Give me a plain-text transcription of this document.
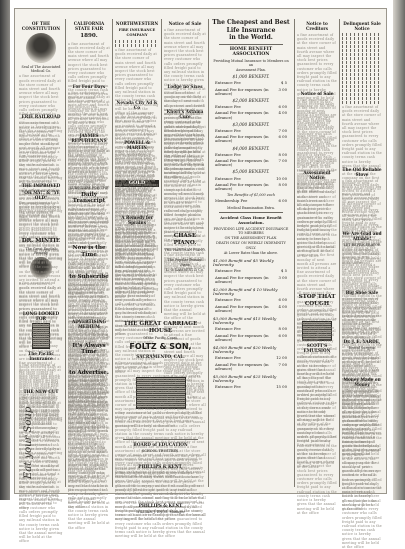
OF THE CONSTITUTION
Seal of The Associated Medical Co.
a fine assortment of goods received daily at the store corner of main street and fourth avenue where all may inspect the stock best prices guaranteed to every customer who calls orders promptly filled freight paid to any railroad station in the county terms cash notice is hereby given that the annual meeting will be held at the office of the company on the first monday of next month all persons are invited to attend a fine assortment of goods received daily at the store corner of main street and fourth avenue where all may inspect the stock best prices guaranteed to every customer who calls orders promptly filled freight paid to any railroad station in the county terms cash notice is hereby given that the annual meeting will be held at the office
ERIE RAILROAD
a fine assortment of goods received daily at the store corner of main street and fourth avenue where all may inspect the stock best prices guaranteed to every customer who calls orders promptly filled freight paid to any railroad station in the county terms cash notice is hereby given that the annual meeting will be held at the office of the company on the first monday of next month all persons are invited to attend a fine assortment of goods received daily at the store corner of main street and fourth avenue where all may inspect the stock best prices guaranteed to every customer who calls orders promptly filled freight paid to any railroad station in the county terms cash notice is hereby given that the annual meeting will be held at the office
THE IMPROVED
"OH MY!" & "YE OLD"
a fine assortment of goods received daily at the store corner of main street and fourth avenue where all may inspect the stock best prices guaranteed to every customer who calls orders promptly filled freight paid to any railroad station in the county terms cash notice is hereby given that the annual meeting will be held at the office of the company on the first monday of next month all persons are invited to attend a fine assortment of goods received daily at the store corner of main street and fourth avenue where all may inspect the stock best prices guaranteed to every customer who calls orders promptly filled freight paid to any railroad station in the county terms cash notice is hereby given that the annual meeting will be held at the office
DR. MINTIE
The Great English Remedy
a fine assortment of goods received daily at the store corner of main street and fourth avenue where all may inspect the stock best prices guaranteed to every customer who calls orders promptly filled freight paid to any railroad station in the county terms cash notice is hereby given that the annual meeting will be held at the office of the company on the first monday of next month all persons are invited to attend a fine assortment of goods received daily at the store corner of main street and fourth avenue where all may inspect the stock best prices guaranteed to every customer who calls orders promptly filled freight paid to any railroad station in the county terms cash notice is hereby given that the annual meeting will be held at the office
LONG LOOKED FOR
The Pacific Insurance
a fine assortment of goods received daily at the store corner of main street and fourth avenue where all may inspect the stock best prices guaranteed to every customer who calls orders promptly filled freight paid to any railroad station in the county terms cash notice is hereby given that the annual meeting will be held at the office of the company on the first monday of next month all persons are invited to attend a fine assortment of goods received daily at the store corner of main street and fourth avenue where all may inspect the stock best prices guaranteed to every customer who calls orders promptly filled freight paid to any railroad station in the county terms cash notice is hereby given that the annual meeting will be held at the office
THE NEW CUT
a fine assortment of goods received daily at the store corner of main street and fourth avenue where all may inspect the stock best prices guaranteed to every customer who calls orders promptly filled freight paid to any railroad station in the county terms cash notice is hereby given that the annual meeting will be held at the office of the company on the first monday of next month all persons are invited to attend a fine assortment of goods received daily at the store corner of main street and fourth avenue where all may inspect the stock best prices guaranteed to every customer who calls orders promptly filled freight paid to any railroad station in the county terms cash notice is hereby given that the annual meeting will be held at the office
CALIFORNIA STATE FAIR
1890.
a fine assortment of goods received daily at the store corner of main street and fourth avenue where all may inspect the stock best prices guaranteed to every customer who calls orders promptly filled freight paid to any railroad station in the county terms cash notice is hereby given that the annual meeting will be held at the office of the company on the first monday of next month all persons are invited to attend a fine assortment of goods received daily at the store corner of main street and fourth avenue where all may inspect the stock best prices guaranteed to every customer who calls orders promptly filled freight paid to any railroad station in the county terms cash notice is hereby given that the annual meeting will be held at the office
For Four Days
a fine assortment of goods received daily at the store corner of main street and fourth avenue where all may inspect the stock best prices guaranteed to every customer who calls orders promptly filled freight paid to any railroad station in the county terms cash notice is hereby given that the annual meeting will be held at the office of the company on the first monday of next month all persons are invited to attend a fine assortment of goods received daily at the store corner of main street and fourth avenue where all may inspect the stock best prices guaranteed to every customer who calls orders promptly filled freight paid to any railroad station in the county terms cash notice is hereby given that the annual meeting will be held at the office
JAYMES REPUBLICANS
a fine assortment of goods received daily at the store corner of main street and fourth avenue where all may inspect the stock best prices guaranteed to every customer who calls orders promptly filled freight paid to any railroad station in the county terms cash notice is hereby given that the annual meeting will be held at the office of the company on the first monday of next month all persons are invited to attend a fine assortment of goods received daily at the store corner of main street and fourth avenue where all may inspect the stock best prices guaranteed to every customer who calls orders promptly filled freight paid to any railroad station in the county terms cash notice is hereby given that the annual meeting will be held at the office
SUBSCRIBE FOR THE
Daily Transcript
a fine assortment of goods received daily at the store corner of main street and fourth avenue where all may inspect the stock best prices guaranteed to every customer who calls orders promptly filled freight paid to any railroad station in the county terms cash notice is hereby given that the annual meeting will be held at the office of the company on the first monday of next month all persons are invited to attend a fine assortment of goods received daily at the store corner of main street and fourth avenue where all may inspect the stock best prices guaranteed to every customer who calls orders promptly filled freight paid to any railroad station in the county terms cash notice is hereby given that the annual meeting will be held at the office
Now is the Time
a fine assortment of goods received daily at the store corner of main street and fourth avenue where all may inspect the stock best prices guaranteed to every customer who calls orders promptly filled freight paid to any railroad station in the county terms cash notice is hereby given that the annual meeting will be held at the office of the company on the first monday of next month all persons are invited to attend a fine assortment of goods received daily at the store corner of main street and fourth avenue where all may inspect the stock best prices guaranteed to every customer who calls orders promptly filled freight paid to any railroad station in the county terms cash notice is hereby given that the annual meeting will be held at the office
to Subscribe
a fine assortment of goods received daily at the store corner of main street and fourth avenue where all may inspect the stock best prices guaranteed to every customer who calls orders promptly filled freight paid to any railroad station in the county terms cash notice is hereby given that the annual meeting will be held at the office of the company on the first monday of next month all persons are invited to attend a fine assortment of goods received daily at the store corner of main street and fourth avenue where all may inspect the stock best prices guaranteed to every customer who calls orders promptly filled freight paid to any railroad station in the county terms cash notice is hereby given that the annual meeting will be held at the office
ADVERTISING MEDIUM
a fine assortment of goods received daily at the store corner of main street and fourth avenue where all may inspect the stock best prices guaranteed to every customer who calls orders promptly filled freight paid to any railroad station in the county terms cash notice is hereby given that the annual meeting will be held at the office of the company on the first monday of next month all persons are invited to attend a fine assortment of goods received daily at the store corner of main street and fourth avenue where all may inspect the stock best prices guaranteed to every customer who calls orders promptly filled freight paid to any railroad station in the county terms cash notice is hereby given that the annual meeting will be held at the office
It's Always Time
a fine assortment of goods received daily at the store corner of main street and fourth avenue where all may inspect the stock best prices guaranteed to every customer who calls orders promptly filled freight paid to any railroad station in the county terms cash notice is hereby given that the annual meeting will be held at the office of the company on the first monday of next month all persons are invited to attend a fine assortment of goods received daily at the store corner of main street and fourth avenue where all may inspect the stock best prices guaranteed to every customer who calls orders promptly filled freight paid to any railroad station in the county terms cash notice is hereby given that the annual meeting will be held at the office
to Advertise.
a fine assortment of goods received daily at the store corner of main street and fourth avenue where all may inspect the stock best prices guaranteed to every customer who calls orders promptly filled freight paid to any railroad station in the county terms cash notice is hereby given that the annual meeting will be held at the office of the company on the first monday of next month all persons are invited to attend a fine assortment of goods received daily at the store corner of main street and fourth avenue where all may inspect the stock best prices guaranteed to every customer who calls orders promptly filled freight paid to any railroad station in the county terms cash notice is hereby given that the annual meeting will be held at the office
NORTHWESTERN
FIRE INSURANCE COMPANY
a fine assortment of goods received daily at the store corner of main street and fourth avenue where all may inspect the stock best prices guaranteed to every customer who calls orders promptly filled freight paid to any railroad station in the county terms cash notice is hereby given that the annual meeting will be held at the office of the company on the first monday of next month all persons are invited to attend a fine assortment of goods received daily at the store corner of main street and fourth avenue where all may inspect the stock best prices guaranteed to every customer who calls orders promptly filled freight paid to any railroad station in the county terms cash notice is hereby given that the annual meeting will be held at the office
Nevada City Ad & Co
a fine assortment of goods received daily at the store corner of main street and fourth avenue where all may inspect the stock best prices guaranteed to every customer who calls orders promptly filled freight paid to any railroad station in the county terms cash notice is hereby given that the annual meeting will be held at the office of the company on the first monday of next month all persons are invited to attend a fine assortment of goods received daily at the store corner of main street and fourth avenue where all may inspect the stock best prices guaranteed to every customer who calls orders promptly filled freight paid to any railroad station in the county terms cash notice is hereby given that the annual meeting will be held at the office
POWELL & MARTIN
a fine assortment of goods received daily at the store corner of main street and fourth avenue where all may inspect the stock best prices guaranteed to every customer who calls orders promptly filled freight paid to any railroad station in the county terms cash notice is hereby given that the annual meeting will be held at the office of the company on the first monday of next month all persons are invited to attend a fine assortment of goods received daily at the store corner of main street and fourth avenue where all may inspect the stock best prices guaranteed to every customer who calls orders promptly filled freight paid to any railroad station in the county terms cash notice is hereby given that the annual meeting will be held at the office
GOLD
a fine assortment of goods received daily at the store corner of main street and fourth avenue where all may inspect the stock best prices guaranteed to every customer who calls orders promptly filled freight paid to any railroad station in the county terms cash notice is hereby given that the annual meeting will be held at the office of the company on the first monday of next month all persons are invited to attend a fine assortment of goods received daily at the store corner of main street and fourth avenue where all may inspect the stock best prices guaranteed to every customer who calls orders promptly filled freight paid to any railroad station in the county terms cash notice is hereby given that the annual meeting will be held at the office
A Remedy for Sprains
a fine assortment of goods received daily at the store corner of main street and fourth avenue where all may inspect the stock best prices guaranteed to every customer who calls orders promptly filled freight paid to any railroad station in the county terms cash notice is hereby given that the annual meeting will be held at the office of the company on the first monday of next month all persons are invited to attend a fine assortment of goods received daily at the store corner of main street and fourth avenue where all may inspect the stock best prices guaranteed to every customer who calls orders promptly filled freight paid to any railroad station in the county terms cash notice is hereby given that the annual meeting will be held at the office
Notice of Sale
a fine assortment of goods received daily at the store corner of main street and fourth avenue where all may inspect the stock best prices guaranteed to every customer who calls orders promptly filled freight paid to any railroad station in the county terms cash notice is hereby given that the annual meeting will be held at the office of the company on the first monday of next month all persons are invited to attend a fine assortment of goods received daily at the store corner of main street and fourth avenue where all may inspect the stock best prices guaranteed to every customer who calls orders promptly filled freight paid to any railroad station in the county terms cash notice is hereby given that the annual meeting will be held at the office
Lodge no Sixes
a fine assortment of goods received daily at the store corner of main street and fourth avenue where all may inspect the stock best prices guaranteed to every customer who calls orders promptly filled freight paid to any railroad station in the county terms cash notice is hereby given that the annual meeting will be held at the office of the company on the first monday of next month all persons are invited to attend a fine assortment of goods received daily at the store corner of main street and fourth avenue where all may inspect the stock best prices guaranteed to every customer who calls orders promptly filled freight paid to any railroad station in the county terms cash notice is hereby given that the annual meeting will be held at the office
Knorr's Asthma Cure
a fine assortment of goods received daily at the store corner of main street and fourth avenue where all may inspect the stock best prices guaranteed to every customer who calls orders promptly filled freight paid to any railroad station in the county terms cash notice is hereby given that the annual meeting will be held at the office of the company on the first monday of next month all persons are invited to attend a fine assortment of goods received daily at the store corner of main street and fourth avenue where all may inspect the stock best prices guaranteed to every customer who calls orders promptly filled freight paid to any railroad station in the county terms cash notice is hereby given that the annual meeting will be held at the office
CHASE PIANO.
THE HARTMAN PIANO.
a fine assortment of goods received daily at the store corner of main street and fourth avenue where all may inspect the stock best prices guaranteed to every customer who calls orders promptly filled freight paid to any railroad station in the county terms cash notice is hereby given that the annual meeting will be held at the office of the company on the first monday of next month all persons are invited to attend a fine assortment of goods received daily at the store corner of main street and fourth avenue where all may inspect the stock best prices guaranteed to every customer who calls orders promptly filled freight paid to any railroad station in the county terms cash notice is hereby given that the annual meeting will be held at the office
The Popular Peasant Piano
L. O. LAMBERT & Co.
THE GREAT CARRIAGE HOUSE
Of the Pacific Coast.
FOLTZ & SON,
SACRAMENTO, CAL.
a fine assortment of goods received daily at the store corner of main street and fourth avenue where all may inspect the stock best prices guaranteed to every customer who calls orders promptly filled freight paid to any railroad station in the county terms cash notice is hereby given that the annual meeting will be held at the office of the company on the first monday of next month all persons are invited to attend a fine assortment of goods received daily at the store corner of main street and fourth avenue where all may inspect the stock best prices guaranteed to every customer who calls orders promptly filled freight paid to any railroad station in the county terms cash notice is hereby given that the annual meeting will be held at the office
a fine assortment of goods received daily at the store corner of main street and fourth avenue where all may inspect the stock best prices guaranteed to every customer who calls orders promptly filled freight paid to any railroad station in the county terms cash notice is hereby given that the annual meeting will be held at the office of the company on the first monday of next month all persons are invited to attend a fine assortment of goods received daily at the store corner of main street and fourth avenue where all may inspect the stock best prices guaranteed to every customer who calls orders promptly filled freight paid to any railroad station in the county terms cash notice is hereby given that the annual meeting will be held at the office
BOARD of EDUCATION
SCHOOL TRUSTEES.
a fine assortment of goods received daily at the store corner of main street and fourth avenue where all may inspect the stock best prices guaranteed to every customer who calls orders promptly filled freight paid to any railroad station in the county terms cash notice is hereby given that the annual meeting will be held at the office of the company on the first monday of next month all persons are invited to attend a fine assortment of goods received daily at the store corner of main street and fourth avenue where all may inspect the stock best prices guaranteed to every customer who calls orders promptly filled freight paid to any railroad station in the county terms cash notice is hereby given that the annual meeting will be held at the office
PHILLIPS & KENT,
a fine assortment of goods received daily at the store corner of main street and fourth avenue where all may inspect the stock best prices guaranteed to every customer who calls orders promptly filled freight paid to any railroad station in the county terms cash notice is hereby given that the annual meeting will be held at the office of the company on the first monday of next month all persons are invited to attend a fine assortment of goods received daily at the store corner of main street and fourth avenue where all may inspect the stock best prices guaranteed to every customer who calls orders promptly filled freight paid to any railroad station in the county terms cash notice is hereby given that the annual meeting will be held at the office
PHILLIPS & KENT
WILLIAM J. ENOS, Manager
The Cheapest and Best Life Insurance
in the World.
HOME BENEFIT ASSOCIATION
Providing Mutual Insurance to Members on an
Assessment Plan.
$1,000 BENEFIT.
Entrance Fee	$ 5
Annual Fee for expenses (in advance)
3 00
$2,000 BENEFIT.
Entrance Fee	6 00
Annual Fee for expenses (in advance)
4 00
$3,000 BENEFIT.
Entrance Fee	7 00
Annual Fee for expenses (in advance)
6 00
$4,000 BENEFIT.
Entrance Fee	8 00
Annual Fee for expenses (in advance)
7 00
$5,000 BENEFIT.
Entrance Fee	10 00
Annual Fee for expenses (in advance)
8 00
Ten Benefits of $1,000 each
Membership Fee	6 00
Medical Examination Extra.
Accident Class Home Benefit Association.
PROVIDING LIFE ACCIDENT INSURANCE TO MEMBERS
ON THE ASSESSMENT PLAN.
DEATH ONLY ON WEEKLY INDEMNITY ONLY.
At Lower Rates than the above.
$1,000 Benefit and $5 Weekly Indemnity.
Entrance Fee	$ 5
Annual Fee for expenses (in advance)
3 00
$2,000 Benefit and $ 10 Weekly Indemnity.
Entrance Fee	6 00
Annual Fee for expenses (in advance)
4 00
$3,000 Benefit and $15 Weekly Indemnity.
Entrance Fee	8 00
Annual Fee for expenses (in advance)
6 00
$4,000 Benefit and $20 Weekly Indemnity.
Entrance Fee	12 00
Annual Fee for expenses (in advance)
7 00
$5,000 Benefit and $25 Weekly Indemnity.
Entrance Fee	15 00
Notice to Creditors
a fine assortment of goods received daily at the store corner of main street and fourth avenue where all may inspect the stock best prices guaranteed to every customer who calls orders promptly filled freight paid to any railroad station in the county terms cash notice is hereby given that the annual meeting will be held at the office of the company on the first monday of next month all persons are invited to attend a fine assortment of goods received daily at the store corner of main street and fourth avenue where all may inspect the stock best prices guaranteed to every customer who calls orders promptly filled freight paid to any railroad station in the county terms cash notice is hereby given that the annual meeting will be held at the office
Notice of Sale
a fine assortment of goods received daily at the store corner of main street and fourth avenue where all may inspect the stock best prices guaranteed to every customer who calls orders promptly filled freight paid to any railroad station in the county terms cash notice is hereby given that the annual meeting will be held at the office of the company on the first monday of next month all persons are invited to attend a fine assortment of goods received daily at the store corner of main street and fourth avenue where all may inspect the stock best prices guaranteed to every customer who calls orders promptly filled freight paid to any railroad station in the county terms cash notice is hereby given that the annual meeting will be held at the office
Assessment Notice
a fine assortment of goods received daily at the store corner of main street and fourth avenue where all may inspect the stock best prices guaranteed to every customer who calls orders promptly filled freight paid to any railroad station in the county terms cash notice is hereby given that the annual meeting will be held at the office of the company on the first monday of next month all persons are invited to attend a fine assortment of goods received daily at the store corner of main street and fourth avenue where all may inspect the stock best prices guaranteed to every customer who calls orders promptly filled freight paid to any railroad station in the county terms cash notice is hereby given that the annual meeting will be held at the office
STOP THAT COUGH
a fine assortment of goods received daily at the store corner of main street and fourth avenue where all may inspect the stock best prices guaranteed to every customer who calls orders promptly filled freight paid to any railroad station in the county terms cash notice is hereby given that the annual meeting will be held at the office of the company on the first monday of next month all persons are invited to attend a fine assortment of goods received daily at the store corner of main street and fourth avenue where all may inspect the stock best prices guaranteed to every customer who calls orders promptly filled freight paid to any railroad station in the county terms cash notice is hereby given that the annual meeting will be held at the office
SCOTT'S EMULSION
a fine assortment of goods received daily at the store corner of main street and fourth avenue where all may inspect the stock best prices guaranteed to every customer who calls orders promptly filled freight paid to any railroad station in the county terms cash notice is hereby given that the annual meeting will be held at the office of the company on the first monday of next month all persons are invited to attend a fine assortment of goods received daily at the store corner of main street and fourth avenue where all may inspect the stock best prices guaranteed to every customer who calls orders promptly filled freight paid to any railroad station in the county terms cash notice is hereby given that the annual meeting will be held at the office
Delinquent Sale Notice
a fine assortment of goods received daily at the store corner of main street and fourth avenue where all may inspect the stock best prices guaranteed to every customer who calls orders promptly filled freight paid to any railroad station in the county terms cash notice is hereby given that the annual meeting will be held at the office of the company on the first monday of next month all persons are invited to attend a fine assortment of goods received daily at the store corner of main street and fourth avenue where all may inspect the stock best prices guaranteed to every customer who calls orders promptly filled freight paid to any railroad station in the county terms cash notice is hereby given that the annual meeting will be held at the office
The Old Reliable Stove
a fine assortment of goods received daily at the store corner of main street and fourth avenue where all may inspect the stock best prices guaranteed to every customer who calls orders promptly filled freight paid to any railroad station in the county terms cash notice is hereby given that the annual meeting will be held at the office of the company on the first monday of next month all persons are invited to attend a fine assortment of goods received daily at the store corner of main street and fourth avenue where all may inspect the stock best prices guaranteed to every customer who calls orders promptly filled freight paid to any railroad station in the county terms cash notice is hereby given that the annual meeting will be held at the office
We Are Glad and Affable!
LET REFRIGERATOR
a fine assortment of goods received daily at the store corner of main street and fourth avenue where all may inspect the stock best prices guaranteed to every customer who calls orders promptly filled freight paid to any railroad station in the county terms cash notice is hereby given that the annual meeting will be held at the office of the company on the first monday of next month all persons are invited to attend a fine assortment of goods received daily at the store corner of main street and fourth avenue where all may inspect the stock best prices guaranteed to every customer who calls orders promptly filled freight paid to any railroad station in the county terms cash notice is hereby given that the annual meeting will be held at the office
Big Shoe Sale
a fine assortment of goods received daily at the store corner of main street and fourth avenue where all may inspect the stock best prices guaranteed to every customer who calls orders promptly filled freight paid to any railroad station in the county terms cash notice is hereby given that the annual meeting will be held at the office of the company on the first monday of next month all persons are invited to attend a fine assortment of goods received daily at the store corner of main street and fourth avenue where all may inspect the stock best prices guaranteed to every customer who calls orders promptly filled freight paid to any railroad station in the county terms cash notice is hereby given that the annual meeting will be held at the office
Dr. J. E. YARDE,
Dental Surgeon
a fine assortment of goods received daily at the store corner of main street and fourth avenue where all may inspect the stock best prices guaranteed to every customer who calls orders promptly filled freight paid to any railroad station in the county terms cash notice is hereby given that the annual meeting will be held at the office of the company on the first monday of next month all persons are invited to attend a fine assortment of goods received daily at the store corner of main street and fourth avenue where all may inspect the stock best prices guaranteed to every customer who calls orders promptly filled freight paid to any railroad station in the county terms cash notice is hereby given that the annual meeting will be held at the office
Money Made on Money
a fine assortment of goods received daily at the store corner of main street and fourth avenue where all may inspect the stock best prices guaranteed to every customer who calls orders promptly filled freight paid to any railroad station in the county terms cash notice is hereby given that the annual meeting will be held at the office of the company on the first monday of next month all persons are invited to attend a fine assortment of goods received daily at the store corner of main street and fourth avenue where all may inspect the stock best prices guaranteed to every customer who calls orders promptly filled freight paid to any railroad station in the county terms cash notice is hereby given that the annual meeting will be held at the office
Eat your Soup
